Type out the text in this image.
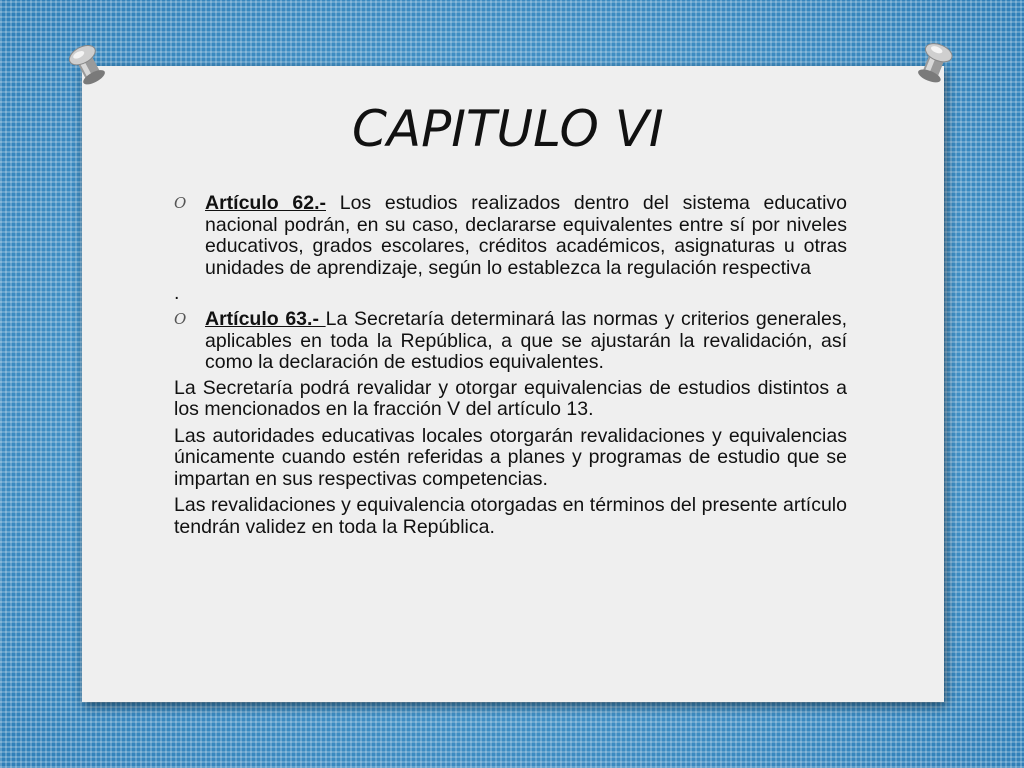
CAPITULO VI

O Artículo 62.- Los estudios realizados dentro del sistema educativo nacional podrán, en su caso, declararse equivalentes entre sí por niveles educativos, grados escolares, créditos académicos, asignaturas u otras unidades de aprendizaje, según lo establezca la regulación respectiva

.

O Artículo 63.- La Secretaría determinará las normas y criterios generales, aplicables en toda la República, a que se ajustarán la revalidación, así como la declaración de estudios equivalentes.

La Secretaría podrá revalidar y otorgar equivalencias de estudios distintos a los mencionados en la fracción V del artículo 13.

Las autoridades educativas locales otorgarán revalidaciones y equivalencias únicamente cuando estén referidas a planes y programas de estudio que se impartan en sus respectivas competencias.

Las revalidaciones y equivalencia otorgadas en términos del presente artículo tendrán validez en toda la República.
